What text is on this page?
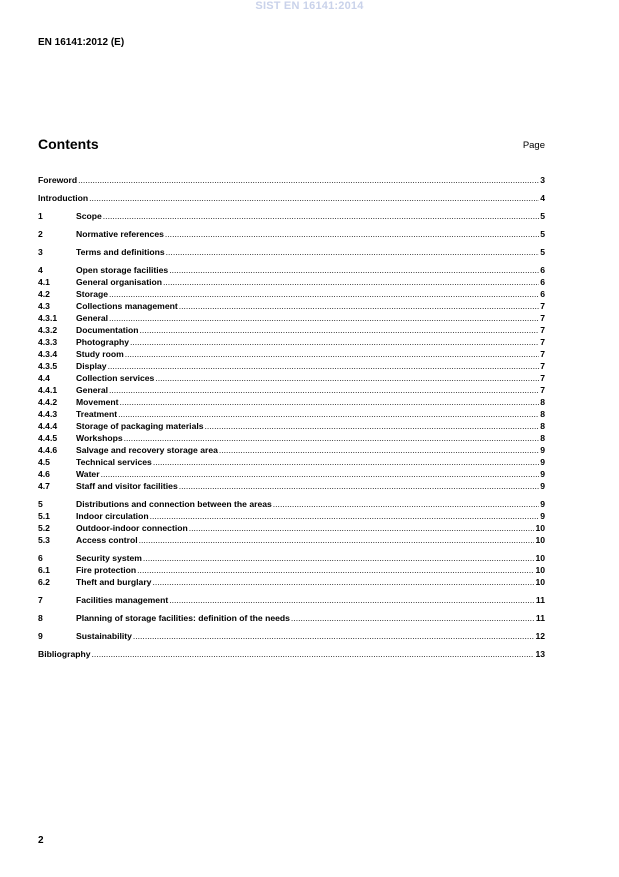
SIST EN 16141:2014
EN 16141:2012 (E)
Contents	Page
Foreword .....	3
Introduction .....	4
1	Scope .....	5
2	Normative references .....	5
3	Terms and definitions .....	5
4	Open storage facilities .....	6
4.1	General organisation .....	6
4.2	Storage .....	6
4.3	Collections management .....	7
4.3.1	General .....	7
4.3.2	Documentation .....	7
4.3.3	Photography .....	7
4.3.4	Study room .....	7
4.3.5	Display .....	7
4.4	Collection services .....	7
4.4.1	General .....	7
4.4.2	Movement .....	8
4.4.3	Treatment .....	8
4.4.4	Storage of packaging materials .....	8
4.4.5	Workshops .....	8
4.4.6	Salvage and recovery storage area .....	9
4.5	Technical services .....	9
4.6	Water .....	9
4.7	Staff and visitor facilities .....	9
5	Distributions and connection between the areas .....	9
5.1	Indoor circulation .....	9
5.2	Outdoor-indoor connection .....	10
5.3	Access control .....	10
6	Security system .....	10
6.1	Fire protection .....	10
6.2	Theft and burglary .....	10
7	Facilities management .....	11
8	Planning of storage facilities: definition of the needs .....	11
9	Sustainability .....	12
Bibliography .....	13
2
